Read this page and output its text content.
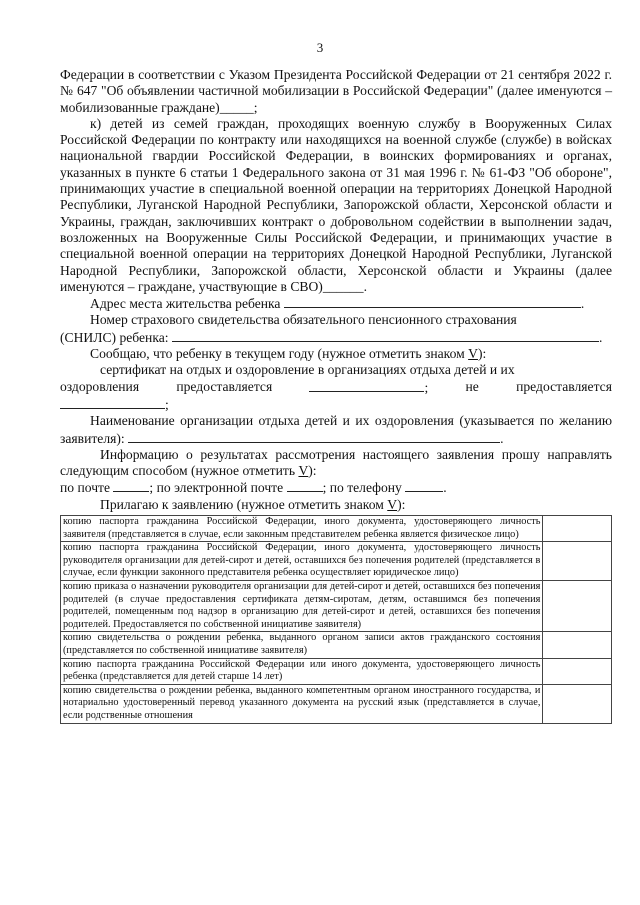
3

Федерации в соответствии с Указом Президента Российской Федерации от 21 сентября 2022 г. № 647 "Об объявлении частичной мобилизации в Российской Федерации" (далее именуются – мобилизованные граждане)_____;

к) детей из семей граждан, проходящих военную службу в Вооруженных Силах Российской Федерации по контракту или находящихся на военной службе (службе) в войсках национальной гвардии Российской Федерации, в воинских формированиях и органах, указанных в пункте 6 статьи 1 Федерального закона от 31 мая 1996 г. № 61-ФЗ "Об обороне", принимающих участие в специальной военной операции на территориях Донецкой Народной Республики, Луганской Народной Республики, Запорожской области, Херсонской области и Украины, граждан, заключивших контракт о добровольном содействии в выполнении задач, возложенных на Вооруженные Силы Российской Федерации, и принимающих участие в специальной военной операции на территориях Донецкой Народной Республики, Луганской Народной Республики, Запорожской области, Херсонской области и Украины (далее именуются – граждане, участвующие в СВО)______.

Адрес места жительства ребенка	.

Номер страхового свидетельства обязательного пенсионного страхования
(СНИЛС) ребенка:	.

Сообщаю, что ребенку в текущем году (нужное отметить знаком V):

сертификат на отдых и оздоровление в организациях отдыха детей и их

оздоровления	предоставляется	;	не	предоставляется

;

Наименование организации отдыха детей и их оздоровления (указывается по желанию заявителя):	.

Информацию о результатах рассмотрения настоящего заявления прошу направлять следующим способом (нужное отметить V):

по почте	; по электронной почте	; по телефону	.

Прилагаю к заявлению (нужное отметить знаком V):

копию паспорта гражданина Российской Федерации, иного документа, удостоверяющего личность заявителя (представляется в случае, если законным представителем ребенка является физическое лицо)	
копию паспорта гражданина Российской Федерации, иного документа, удостоверяющего личность руководителя организации для детей-сирот и детей, оставшихся без попечения родителей (представляется в случае, если функции законного представителя ребенка осуществляет юридическое лицо)	
копию приказа о назначении руководителя организации для детей-сирот и детей, оставшихся без попечения родителей (в случае предоставления сертификата детям-сиротам, детям, оставшимся без попечения родителей, помещенным под надзор в организацию для детей-сирот и детей, оставшихся без попечения родителей. Предоставляется по собственной инициативе заявителя)	
копию свидетельства о рождении ребенка, выданного органом записи актов гражданского состояния (представляется по собственной инициативе заявителя)	
копию паспорта гражданина Российской Федерации или иного документа, удостоверяющего личность ребенка (представляется для детей старше 14 лет)	
копию свидетельства о рождении ребенка, выданного компетентным органом иностранного государства, и нотариально удостоверенный перевод указанного документа на русский язык (представляется в случае, если родственные отношения	
